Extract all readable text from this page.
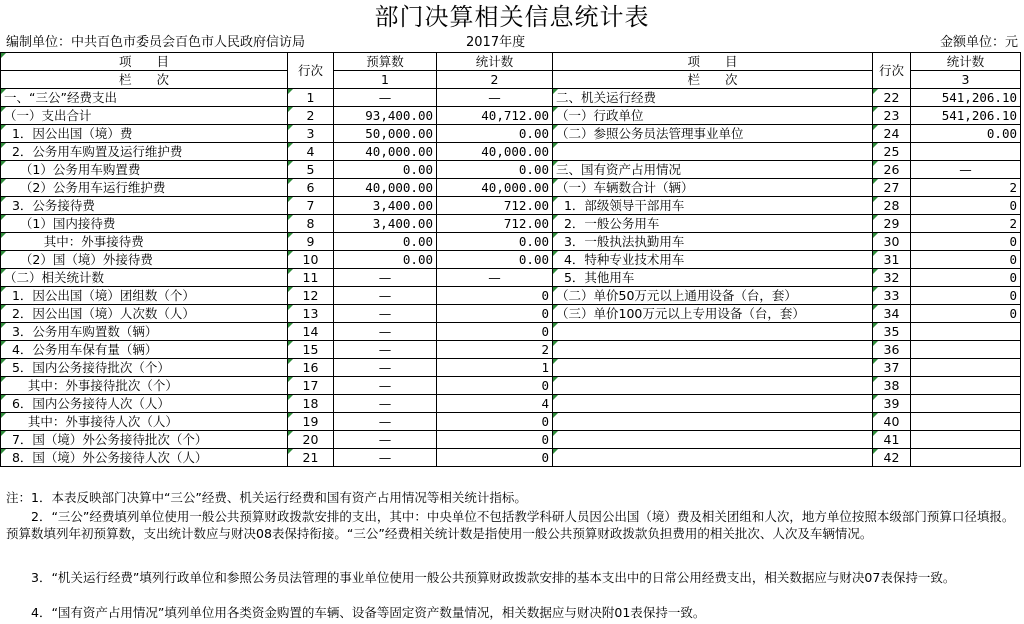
部门决算相关信息统计表
编制单位：中共百色市委员会百色市人民政府信访局	2017年度	金额单位：元
项　　目	行次	预算数	统计数	项　　目	行次	统计数
栏　　次		1	2	栏　　次		3
一、“三公”经费支出	1	—	—	二、机关运行经费	22	541,206.10
（一）支出合计	2	93,400.00	40,712.00	（一）行政单位	23	541,206.10
1．因公出国（境）费	3	50,000.00	0.00	（二）参照公务员法管理事业单位	24	0.00
2．公务用车购置及运行维护费	4	40,000.00	40,000.00		25	
（1）公务用车购置费	5	0.00	0.00	三、国有资产占用情况	26	—
（2）公务用车运行维护费	6	40,000.00	40,000.00	（一）车辆数合计（辆）	27	2
3．公务接待费	7	3,400.00	712.00	1．部级领导干部用车	28	0
（1）国内接待费	8	3,400.00	712.00	2．一般公务用车	29	2
其中：外事接待费	9	0.00	0.00	3．一般执法执勤用车	30	0
（2）国（境）外接待费	10	0.00	0.00	4．特种专业技术用车	31	0
（二）相关统计数	11	—	—	5．其他用车	32	0
1．因公出国（境）团组数（个）	12	—	0	（二）单价50万元以上通用设备（台，套）	33	0
2．因公出国（境）人次数（人）	13	—	0	（三）单价100万元以上专用设备（台，套）	34	0
3．公务用车购置数（辆）	14	—	0		35	
4．公务用车保有量（辆）	15	—	2		36	
5．国内公务接待批次（个）	16	—	1		37	
其中：外事接待批次（个）	17	—	0		38	
6．国内公务接待人次（人）	18	—	4		39	
其中：外事接待人次（人）	19	—	0		40	
7．国（境）外公务接待批次（个）	20	—	0		41	
8．国（境）外公务接待人次（人）	21	—	0		42	
注：1．本表反映部门决算中“三公”经费、机关运行经费和国有资产占用情况等相关统计指标。
　　2．“三公”经费填列单位使用一般公共预算财政拨款安排的支出，其中：中央单位不包括教学科研人员因公出国（境）费及相关团组和人次，地方单位按照本级部门预算口径填报。预算数填列年初预算数，支出统计数应与财决08表保持衔接。“三公”经费相关统计数是指使用一般公共预算财政拨款负担费用的相关批次、人次及车辆情况。
　　3．“机关运行经费”填列行政单位和参照公务员法管理的事业单位使用一般公共预算财政拨款安排的基本支出中的日常公用经费支出，相关数据应与财决07表保持一致。
　　4．“国有资产占用情况”填列单位用各类资金购置的车辆、设备等固定资产数量情况，相关数据应与财决附01表保持一致。
